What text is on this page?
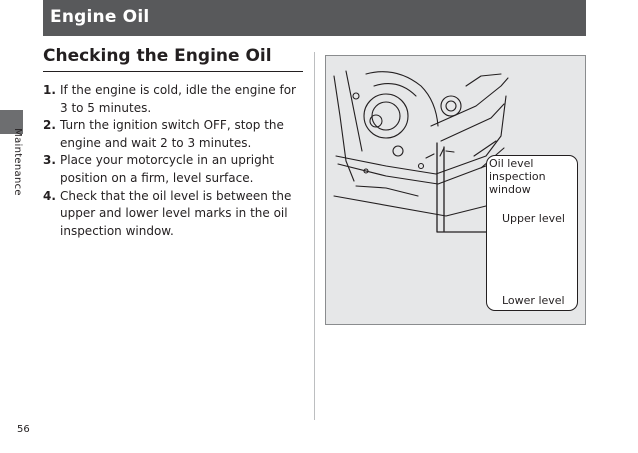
Engine Oil
Maintenance
Checking the Engine Oil
1. If the engine is cold, idle the engine for 3 to 5 minutes.
2. Turn the ignition switch OFF, stop the engine and wait 2 to 3 minutes.
3. Place your motorcycle in an upright position on a firm, level surface.
4. Check that the oil level is between the upper and lower level marks in the oil inspection window.
Oil level
inspection
window
Upper level
Lower level
56
